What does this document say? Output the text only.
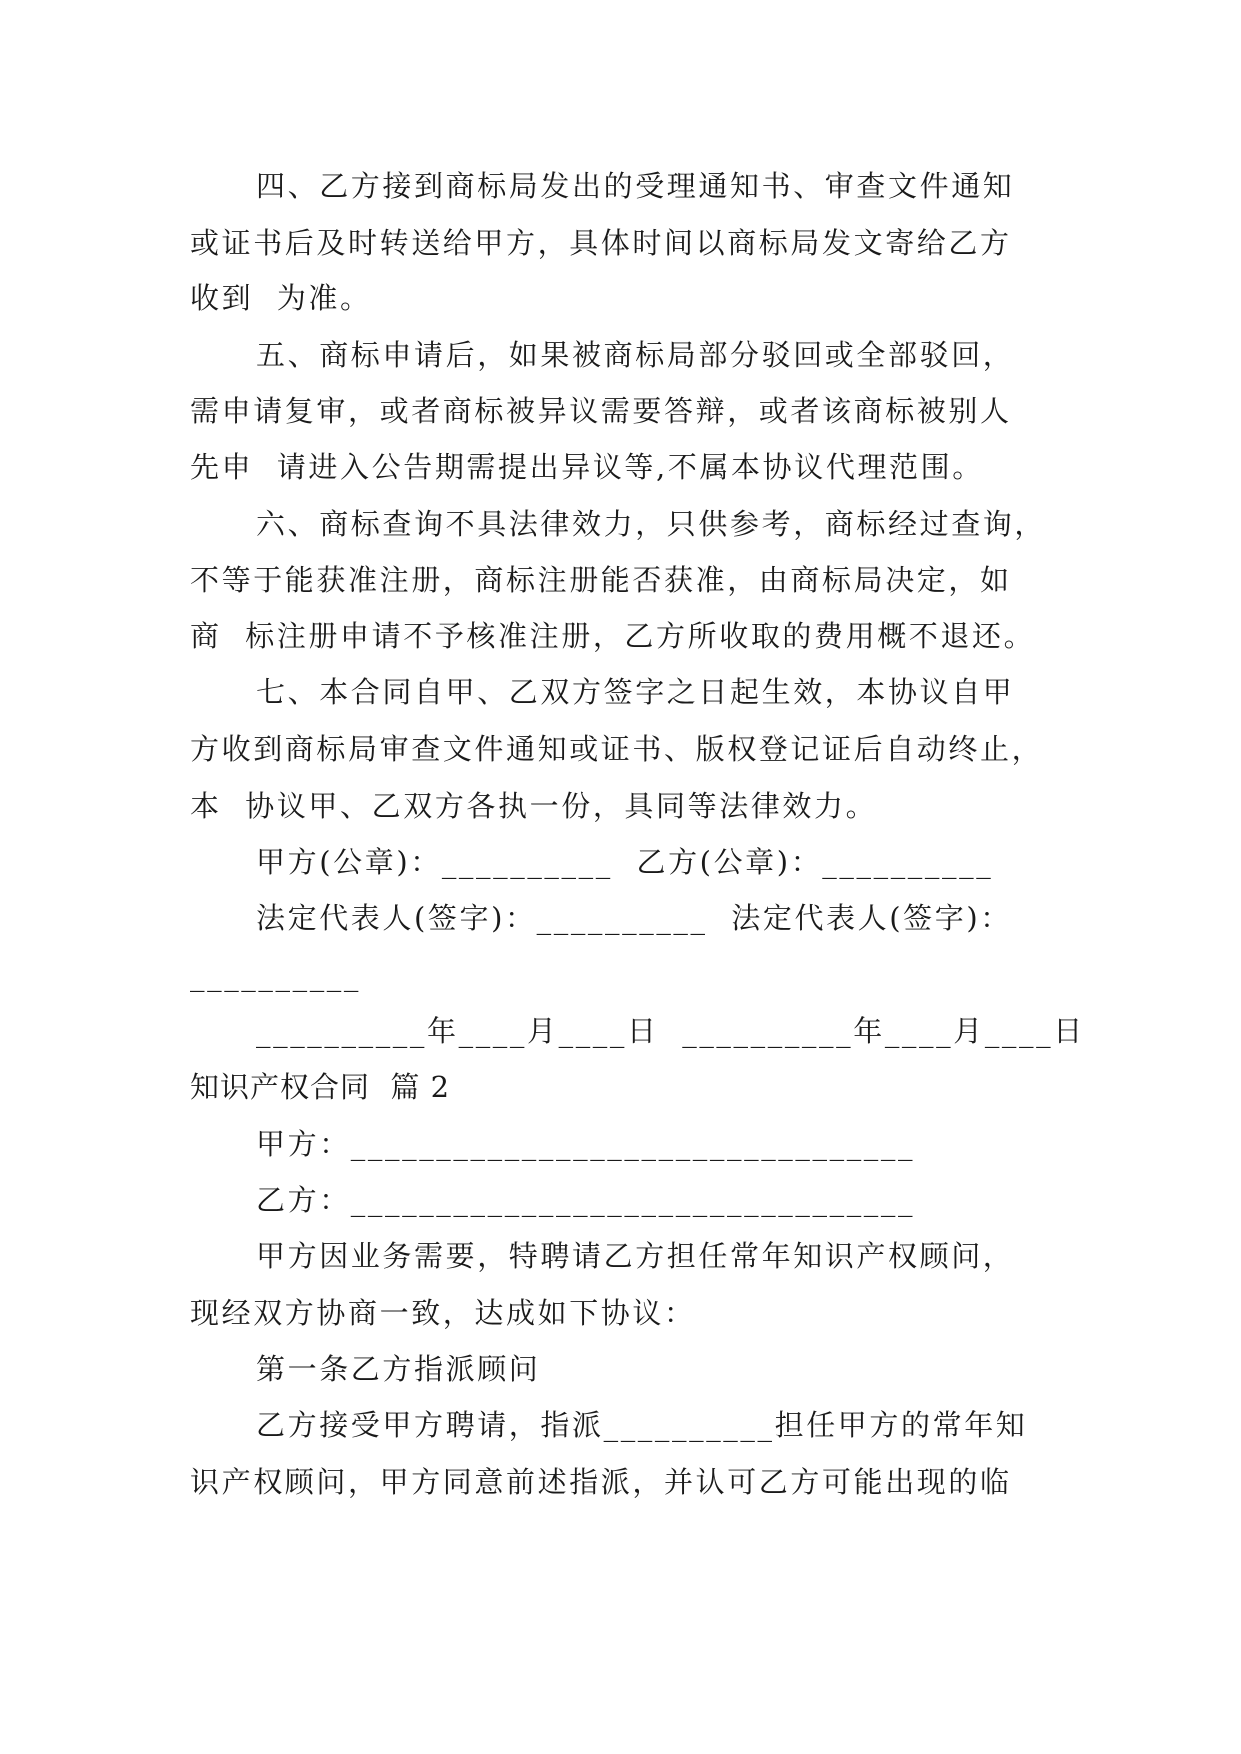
四、乙方接到商标局发出的受理通知书、审查文件通知
或证书后及时转送给甲方，具体时间以商标局发文寄给乙方
收到  为准。
五、商标申请后，如果被商标局部分驳回或全部驳回，
需申请复审，或者商标被异议需要答辩，或者该商标被别人
先申  请进入公告期需提出异议等,不属本协议代理范围。
六、商标查询不具法律效力，只供参考，商标经过查询，
不等于能获准注册，商标注册能否获准，由商标局决定，如
商  标注册申请不予核准注册，乙方所收取的费用概不退还。
七、本合同自甲、乙双方签字之日起生效，本协议自甲
方收到商标局审查文件通知或证书、版权登记证后自动终止，
本  协议甲、乙双方各执一份，具同等法律效力。
甲方(公章)：__________  乙方(公章)：__________
法定代表人(签字)：__________  法定代表人(签字)：
__________
__________年____月____日  __________年____月____日
知识产权合同  篇 2
甲方：_________________________________
乙方：_________________________________
甲方因业务需要，特聘请乙方担任常年知识产权顾问，
现经双方协商一致，达成如下协议：
第一条乙方指派顾问
乙方接受甲方聘请，指派__________担任甲方的常年知
识产权顾问，甲方同意前述指派，并认可乙方可能出现的临
